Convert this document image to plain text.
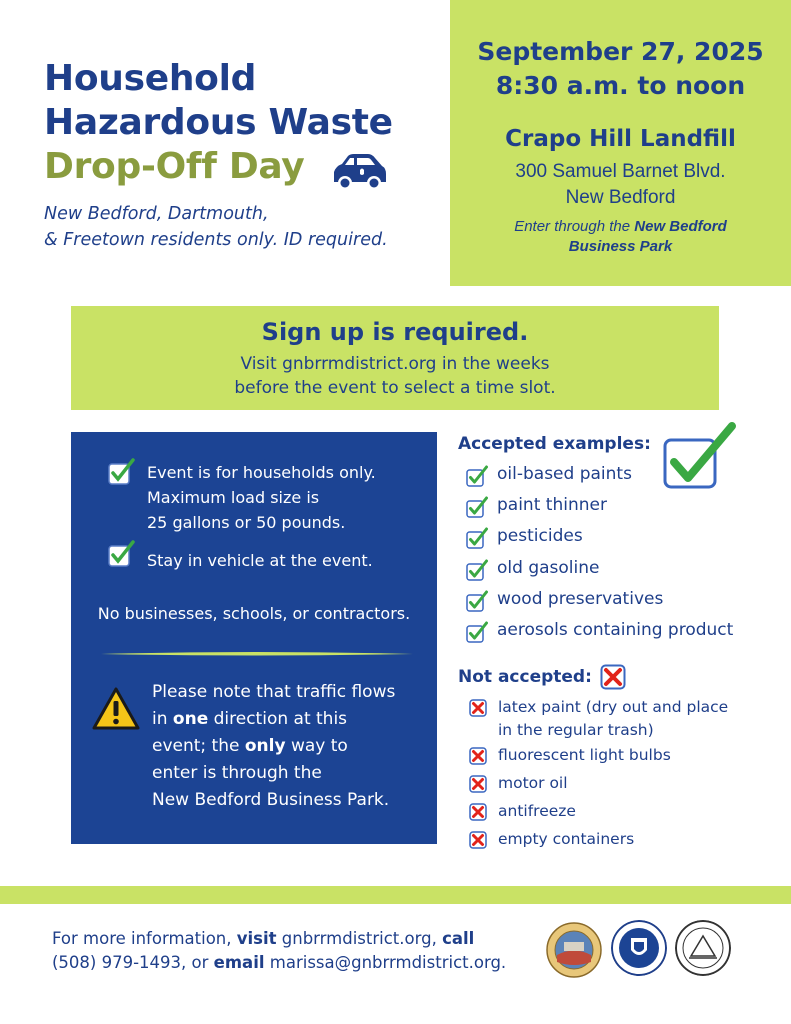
Household
Hazardous Waste
Drop-Off Day
New Bedford, Dartmouth,
& Freetown residents only. ID required.
September 27, 2025
8:30 a.m. to noon
Crapo Hill Landfill
300 Samuel Barnet Blvd.
New Bedford
Enter through the New Bedford
Business Park
Sign up is required.
Visit gnbrrmdistrict.org in the weeks
before the event to select a time slot.
Event is for households only.
Maximum load size is
25 gallons or 50 pounds.
Stay in vehicle at the event.
No businesses, schools, or contractors.
Please note that traffic flows
in one direction at this
event; the only way to
enter is through the
New Bedford Business Park.
Accepted examples:
oil-based paints
paint thinner
pesticides
old gasoline
wood preservatives
aerosols containing product
Not accepted:
latex paint (dry out and place
in the regular trash)
fluorescent light bulbs
motor oil
antifreeze
empty containers
For more information, visit gnbrrmdistrict.org, call
(508) 979-1493, or email marissa@gnbrrmdistrict.org.
